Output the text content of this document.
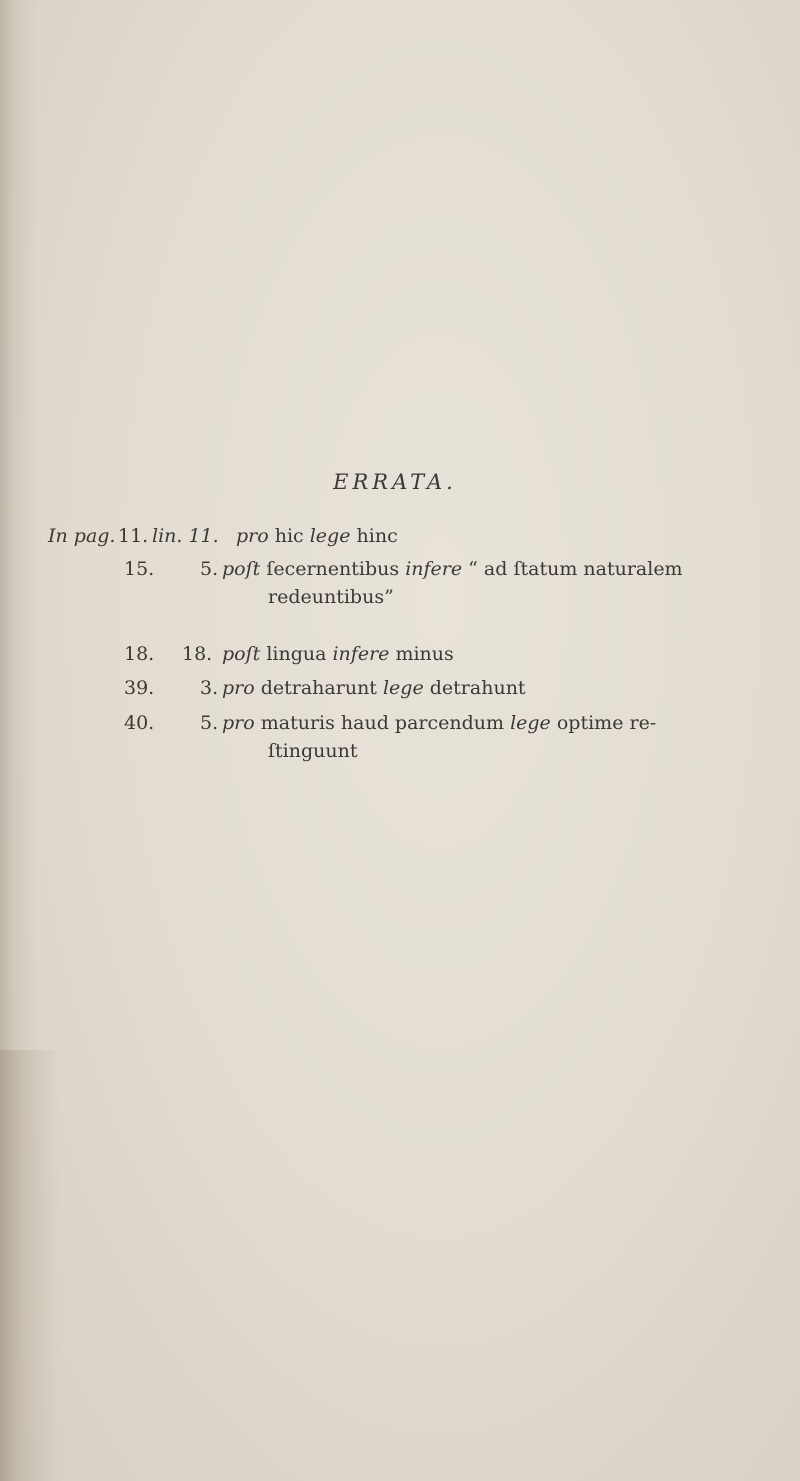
ERRATA.
In pag. 11. lin. 11. pro hic lege hinc
15. 5. poſt ſecernentibus infere “ ad ſtatum naturalem
redeuntibus”
18. 18. poſt lingua infere minus
39. 3. pro detraharunt lege detrahunt
40. 5. pro maturis haud parcendum lege optime re-
ſtinguunt
